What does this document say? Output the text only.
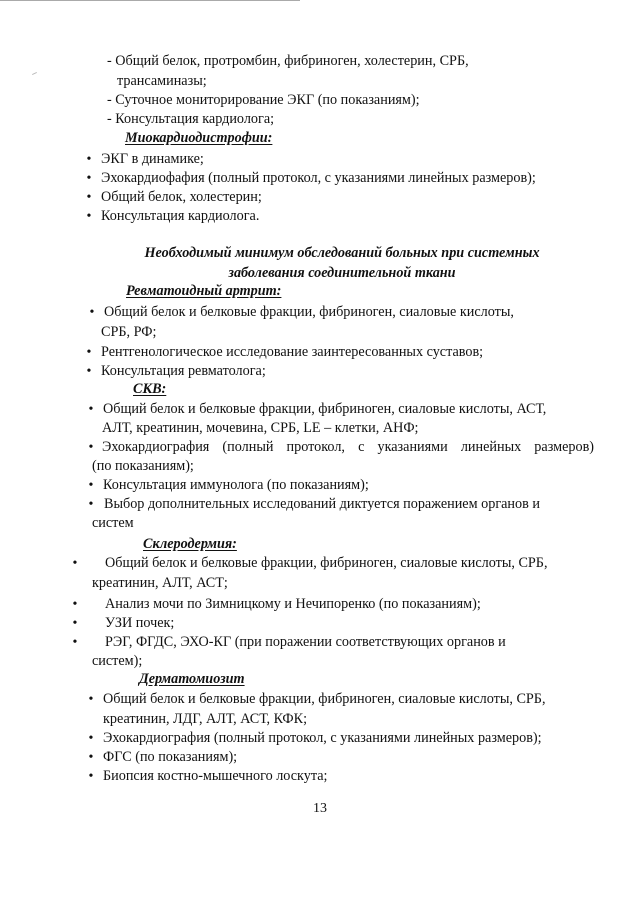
- Общий белок, протромбин, фибриноген, холестерин, СРБ,
трансаминазы;
- Суточное мониторирование ЭКГ (по показаниям);
- Консультация кардиолога;
Миокардиодистрофии:
• ЭКГ в динамике;
• Эхокардиофафия (полный протокол, с указаниями линейных размеров);
• Общий белок, холестерин;
• Консультация кардиолога.
Необходимый минимум обследований больных при системных
заболевания соединительной ткани
Ревматоидный артрит:
• Общий белок и белковые фракции, фибриноген, сиаловые кислоты,
СРБ, РФ;
• Рентгенологическое исследование заинтересованных суставов;
• Консультация ревматолога;
СКВ:
• Общий белок и белковые фракции, фибриноген, сиаловые кислоты, АСТ,
АЛТ, креатинин, мочевина, СРБ, LE – клетки, АНФ;
• Эхокардиография (полный протокол, с указаниями линейных размеров)
(по показаниям);
• Консультация иммунолога (по показаниям);
• Выбор дополнительных исследований диктуется поражением органов и
систем
Склеродермия:
• Общий белок и белковые фракции, фибриноген, сиаловые кислоты, СРБ,
креатинин, АЛТ, АСТ;
• Анализ мочи по Зимницкому и Нечипоренко (по показаниям);
• УЗИ почек;
• РЭГ, ФГДС, ЭХО-КГ (при поражении соответствующих органов и
систем);
Дерматомиозит
• Общий белок и белковые фракции, фибриноген, сиаловые кислоты, СРБ,
креатинин, ЛДГ, АЛТ, АСТ, КФК;
• Эхокардиография (полный протокол, с указаниями линейных размеров);
• ФГС (по показаниям);
• Биопсия костно-мышечного лоскута;
13
